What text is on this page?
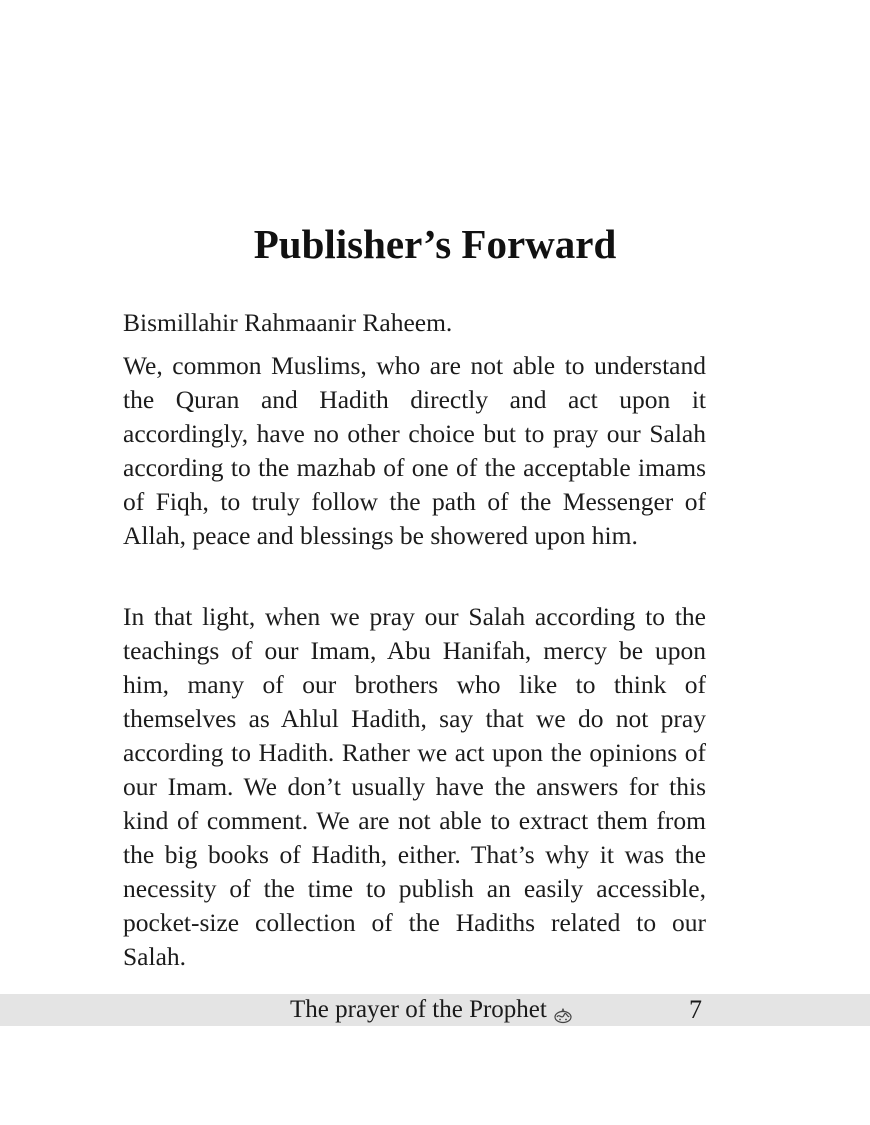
Publisher’s Forward

Bismillahir Rahmaanir Raheem.

We, common Muslims, who are not able to understand the Quran and Hadith directly and act upon it accordingly, have no other choice but to pray our Salah according to the mazhab of one of the acceptable imams of Fiqh, to truly follow the path of the Messenger of Allah, peace and blessings be showered upon him.

In that light, when we pray our Salah according to the teachings of our Imam, Abu Hanifah, mercy be upon him, many of our brothers who like to think of themselves as Ahlul Hadith, say that we do not pray according to Hadith. Rather we act upon the opinions of our Imam. We don’t usually have the answers for this kind of comment. We are not able to extract them from the big books of Hadith, either. That’s why it was the necessity of the time to publish an easily accessible, pocket-size collection of the Hadiths related to our Salah.

The prayer of the Prophet	7
